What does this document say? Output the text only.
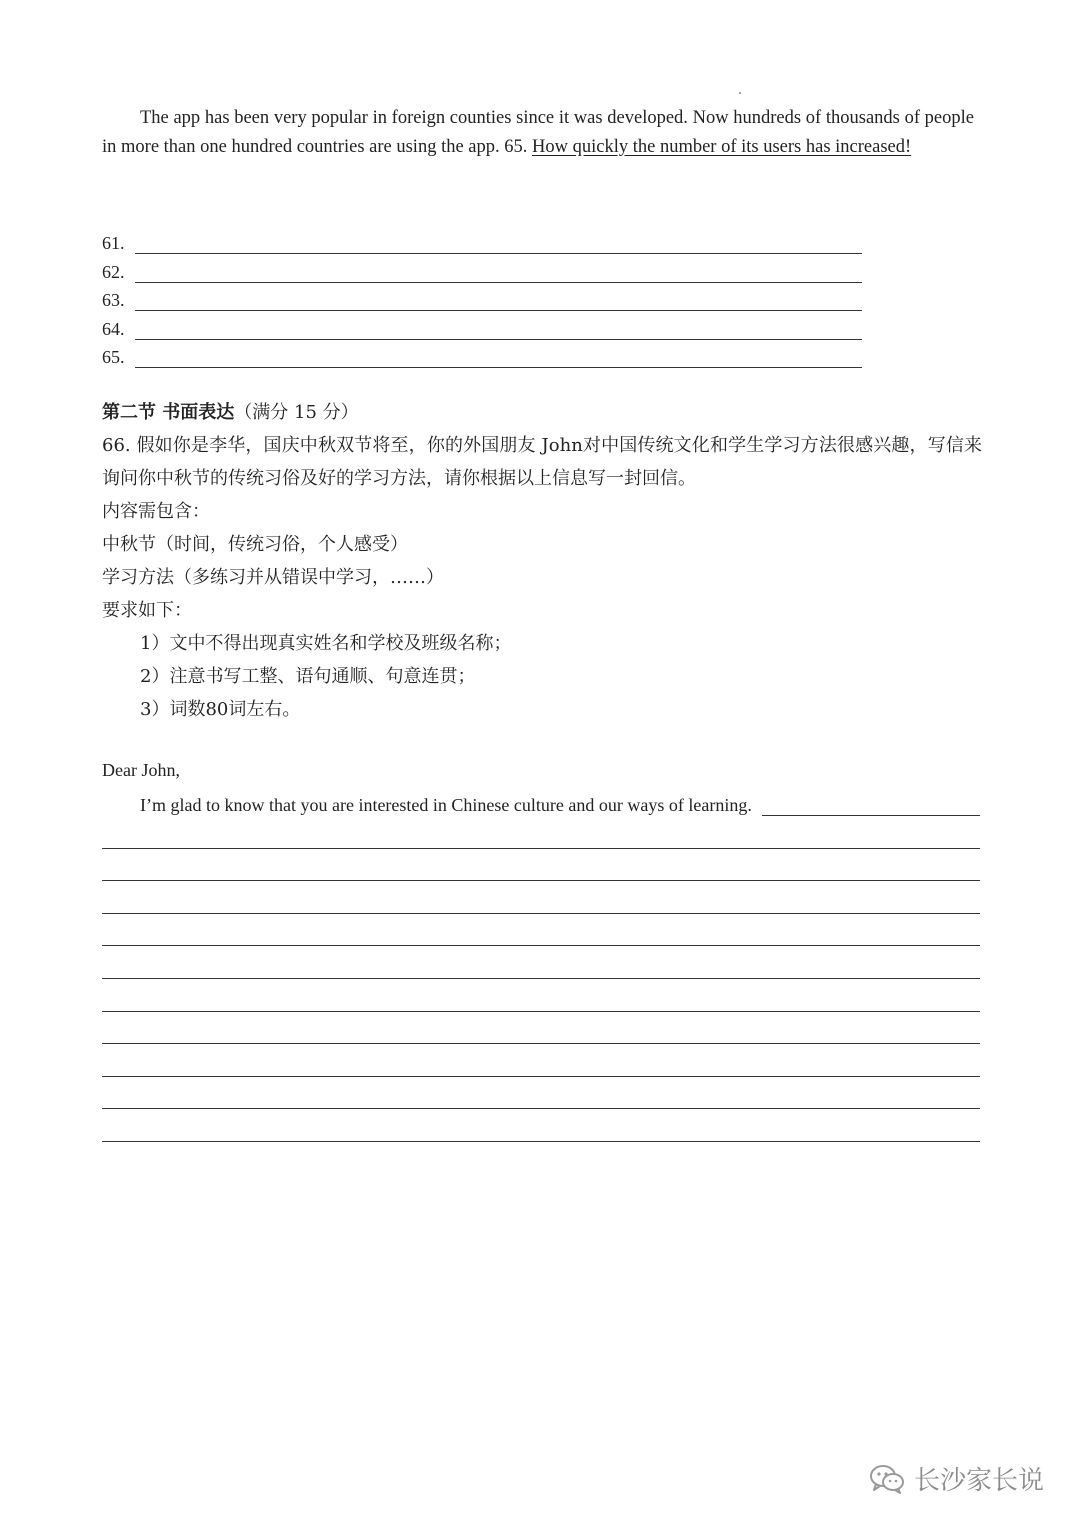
The app has been very popular in foreign counties since it was developed. Now hundreds of thousands of people in more than one hundred countries are using the app. 65. How quickly the number of its users has increased!

61.
62.
63.
64.
65.

第二节 书面表达（满分 15 分）

66. 假如你是李华，国庆中秋双节将至，你的外国朋友 John对中国传统文化和学生学习方法很感兴趣，写信来询问你中秋节的传统习俗及好的学习方法，请你根据以上信息写一封回信。

内容需包含：

中秋节（时间，传统习俗，个人感受）

学习方法（多练习并从错误中学习，……）

要求如下：

1）文中不得出现真实姓名和学校及班级名称；

2）注意书写工整、语句通顺、句意连贯；

3）词数80词左右。

Dear John,

I’m glad to know that you are interested in Chinese culture and our ways of learning.
长沙家长说
